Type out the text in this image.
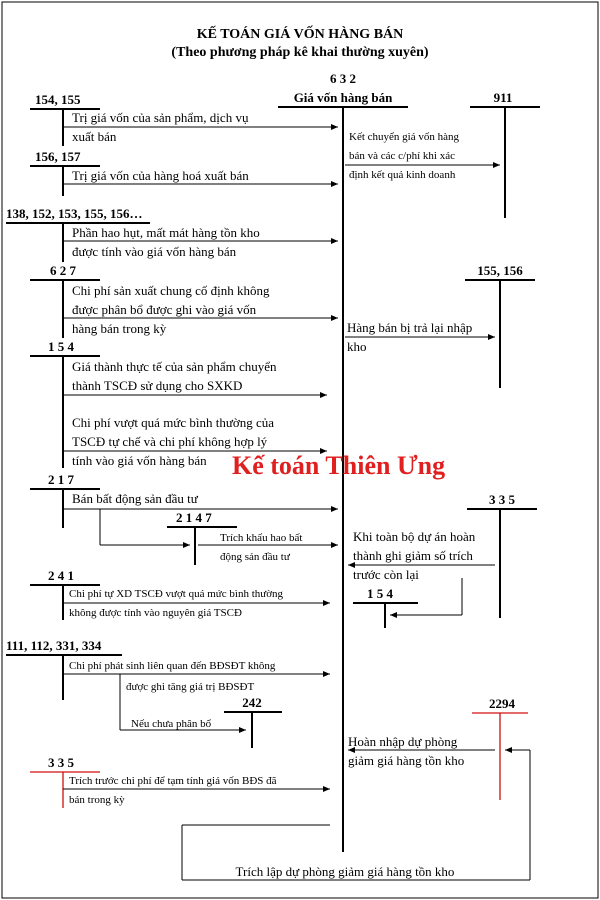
KẾ TOÁN GIÁ VỐN HÀNG BÁN
(Theo phương pháp kê khai thường xuyên)
6 3 2
Giá vốn hàng bán	911
Kết chuyển giá vốn hàng
bán và các c/phí khi xác
định kết quả kinh doanh
154, 155
Trị giá vốn của sản phẩm, dịch vụ
xuất bán
156, 157
Trị giá vốn của hàng hoá xuất bán
138, 152, 153, 155, 156…
Phần hao hụt, mất mát hàng tồn kho
được tính vào giá vốn hàng bán
6 2 7
Chi phí sản xuất chung cố định không
được phân bổ được ghi vào giá vốn
hàng bán trong kỳ
155, 156
Hàng bán bị trả lại nhập
kho
1 5 4
Giá thành thực tế của sản phẩm chuyển
thành TSCĐ sử dụng cho SXKD
Chi phí vượt quá mức bình thường của
TSCĐ tự chế và chi phí không hợp lý
tính vào giá vốn hàng bán Kế toán Thiên Ưng
2 1 7
Bán bất động sản đầu tư
2 1 4 7
Trích khấu hao bất
động sản đầu tư
3 3 5
Khi toàn bộ dự án hoàn
thành ghi giảm số trích
trước còn lại
1 5 4
2 4 1
Chi phí tự XD TSCĐ vượt quá mức bình thường
không được tính vào nguyên giá TSCĐ
111, 112, 331, 334
Chi phí phát sinh liên quan đến BĐSĐT không
được ghi tăng giá trị BĐSĐT
Nếu chưa phân bổ
242	2294
Hoàn nhập dự phòng
giảm giá hàng tồn kho
3 3 5
Trích trước chi phí để tạm tính giá vốn BĐS đã
bán trong kỳ
Trích lập dự phòng giảm giá hàng tồn kho
